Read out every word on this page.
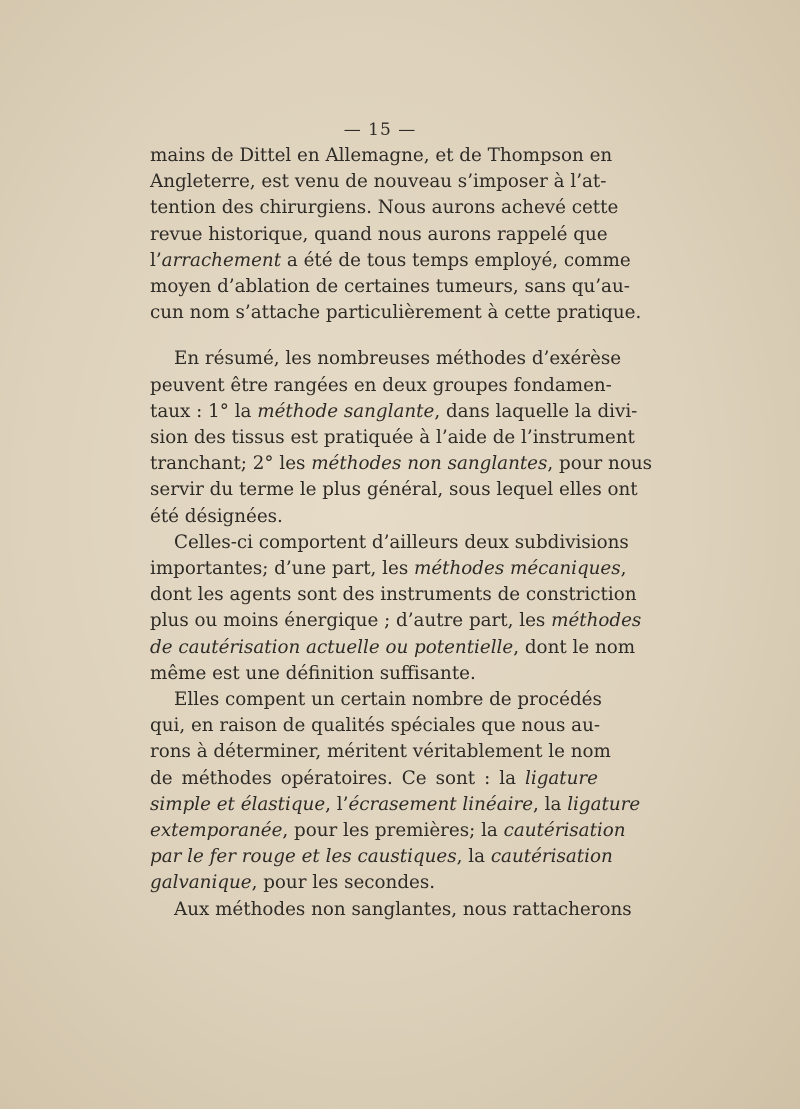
— 15 —
mains de Dittel en Allemagne, et de Thompson en
Angleterre, est venu de nouveau s’imposer à l’at-
tention des chirurgiens. Nous aurons achevé cette
revue historique, quand nous aurons rappelé que
l’arrachement a été de tous temps employé, comme
moyen d’ablation de certaines tumeurs, sans qu’au-
cun nom s’attache particulièrement à cette pratique.
En résumé, les nombreuses méthodes d’exérèse
peuvent être rangées en deux groupes fondamen-
taux : 1° la méthode sanglante, dans laquelle la divi-
sion des tissus est pratiquée à l’aide de l’instrument
tranchant; 2° les méthodes non sanglantes, pour nous
servir du terme le plus général, sous lequel elles ont
été désignées.
Celles-ci comportent d’ailleurs deux subdivisions
importantes; d’une part, les méthodes mécaniques,
dont les agents sont des instruments de constriction
plus ou moins énergique ; d’autre part, les méthodes
de cautérisation actuelle ou potentielle, dont le nom
même est une définition suffisante.
Elles compent un certain nombre de procédés
qui, en raison de qualités spéciales que nous au-
rons à déterminer, méritent véritablement le nom
de méthodes opératoires. Ce sont : la ligature
simple et élastique, l’écrasement linéaire, la ligature
extemporanée, pour les premières; la cautérisation
par le fer rouge et les caustiques, la cautérisation
galvanique, pour les secondes.
Aux méthodes non sanglantes, nous rattacherons
